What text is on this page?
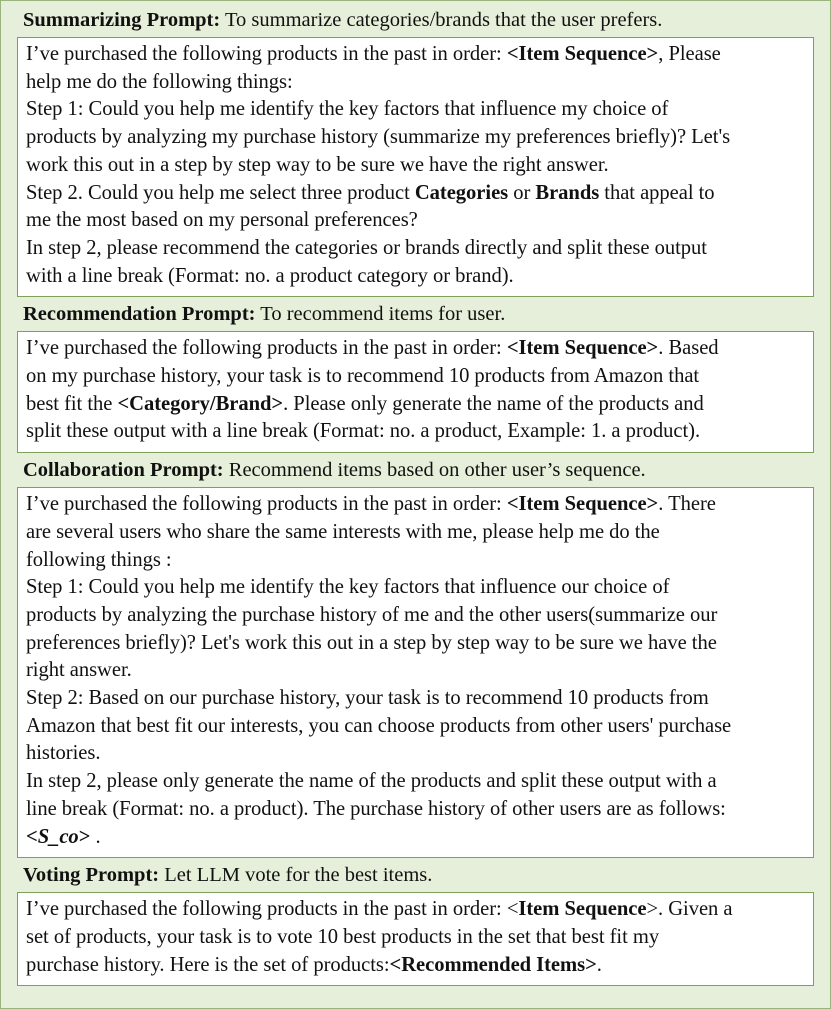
Summarizing Prompt: To summarize categories/brands that the user prefers.
I’ve purchased the following products in the past in order: <Item Sequence>, Please
help me do the following things:
Step 1: Could you help me identify the key factors that influence my choice of
products by analyzing my purchase history (summarize my preferences briefly)? Let's
work this out in a step by step way to be sure we have the right answer.
Step 2. Could you help me select three product Categories or Brands that appeal to
me the most based on my personal preferences?
In step 2, please recommend the categories or brands directly and split these output
with a line break (Format: no. a product category or brand).
Recommendation Prompt: To recommend items for user.
I’ve purchased the following products in the past in order: <Item Sequence>. Based
on my purchase history, your task is to recommend 10 products from Amazon that
best fit the <Category/Brand>. Please only generate the name of the products and
split these output with a line break (Format: no. a product, Example: 1. a product).
Collaboration Prompt: Recommend items based on other user’s sequence.
I’ve purchased the following products in the past in order: <Item Sequence>. There
are several users who share the same interests with me, please help me do the
following things :
Step 1: Could you help me identify the key factors that influence our choice of
products by analyzing the purchase history of me and the other users(summarize our
preferences briefly)? Let's work this out in a step by step way to be sure we have the
right answer.
Step 2: Based on our purchase history, your task is to recommend 10 products from
Amazon that best fit our interests, you can choose products from other users' purchase
histories.
In step 2, please only generate the name of the products and split these output with a
line break (Format: no. a product). The purchase history of other users are as follows:
<S_co> .
Voting Prompt: Let LLM vote for the best items.
I’ve purchased the following products in the past in order: <Item Sequence>. Given a
set of products, your task is to vote 10 best products in the set that best fit my
purchase history. Here is the set of products:<Recommended Items>.
